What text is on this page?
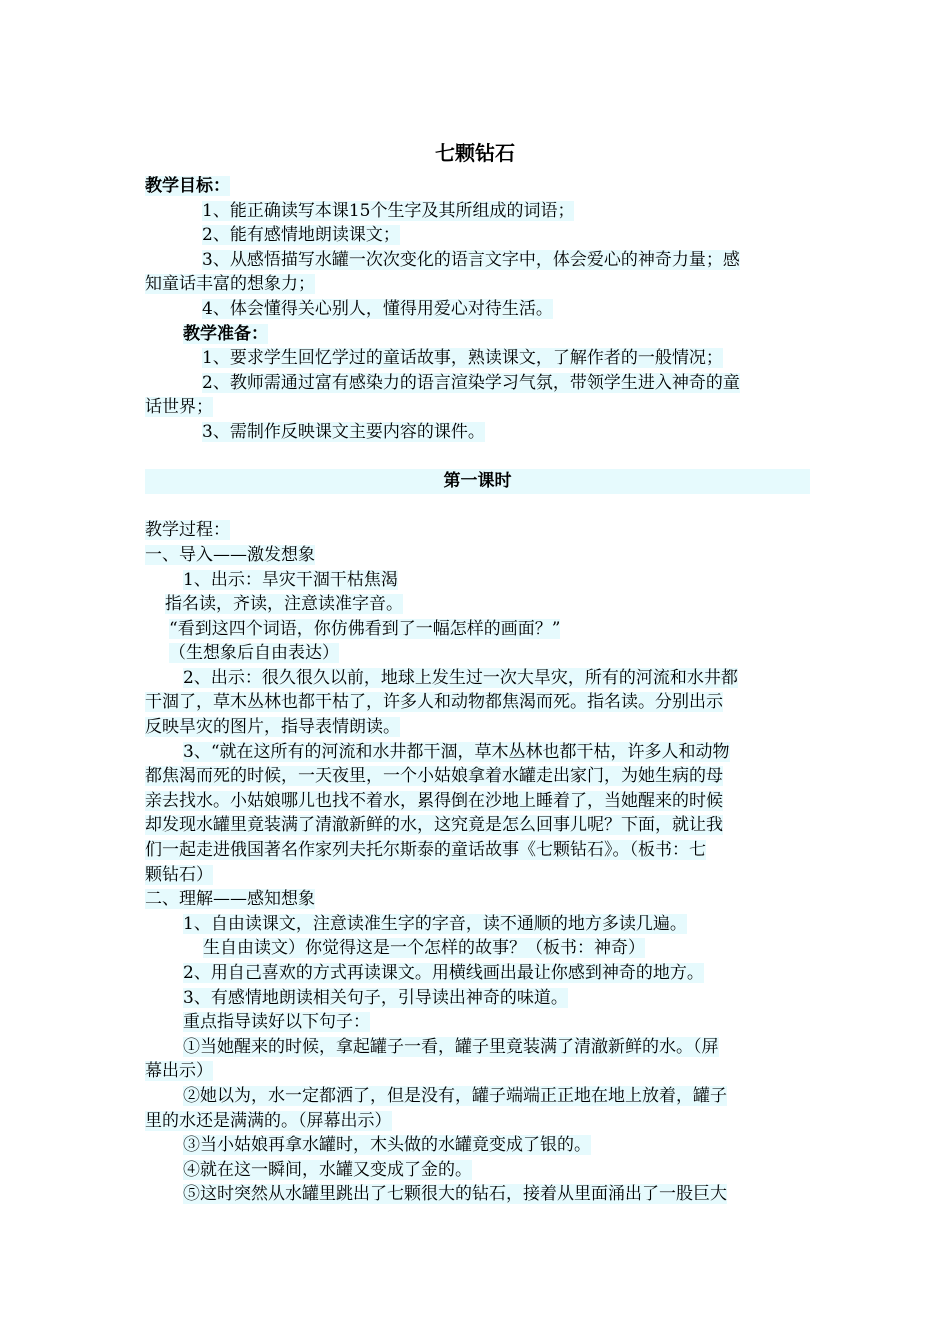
七颗钻石
教学目标：
1、能正确读写本课15个生字及其所组成的词语；
2、能有感情地朗读课文；
3、从感悟描写水罐一次次变化的语言文字中，体会爱心的神奇力量；感
知童话丰富的想象力；
4、体会懂得关心别人，懂得用爱心对待生活。
教学准备：
1、要求学生回忆学过的童话故事，熟读课文，了解作者的一般情况；
2、教师需通过富有感染力的语言渲染学习气氛，带领学生进入神奇的童
话世界；
3、需制作反映课文主要内容的课件。
第一课时
教学过程：
一、导入——激发想象
1、出示：旱灾干涸干枯焦渴
指名读，齐读，注意读准字音。
“看到这四个词语，你仿佛看到了一幅怎样的画面？”
（生想象后自由表达）
2、出示：很久很久以前，地球上发生过一次大旱灾，所有的河流和水井都
干涸了，草木丛林也都干枯了，许多人和动物都焦渴而死。指名读。分别出示
反映旱灾的图片，指导表情朗读。
3、“就在这所有的河流和水井都干涸，草木丛林也都干枯，许多人和动物
都焦渴而死的时候，一天夜里，一个小姑娘拿着水罐走出家门，为她生病的母
亲去找水。小姑娘哪儿也找不着水，累得倒在沙地上睡着了，当她醒来的时候
却发现水罐里竟装满了清澈新鲜的水，这究竟是怎么回事儿呢？下面，就让我
们一起走进俄国著名作家列夫托尔斯泰的童话故事《七颗钻石》。（板书：七
颗钻石）
二、理解——感知想象
1、自由读课文，注意读准生字的字音，读不通顺的地方多读几遍。
生自由读文）你觉得这是一个怎样的故事？（板书：神奇）
2、用自己喜欢的方式再读课文。用横线画出最让你感到神奇的地方。
3、有感情地朗读相关句子，引导读出神奇的味道。
重点指导读好以下句子：
①当她醒来的时候，拿起罐子一看，罐子里竟装满了清澈新鲜的水。（屏
幕出示）
②她以为，水一定都洒了，但是没有，罐子端端正正地在地上放着，罐子
里的水还是满满的。（屏幕出示）
③当小姑娘再拿水罐时，木头做的水罐竟变成了银的。
④就在这一瞬间，水罐又变成了金的。
⑤这时突然从水罐里跳出了七颗很大的钻石，接着从里面涌出了一股巨大
